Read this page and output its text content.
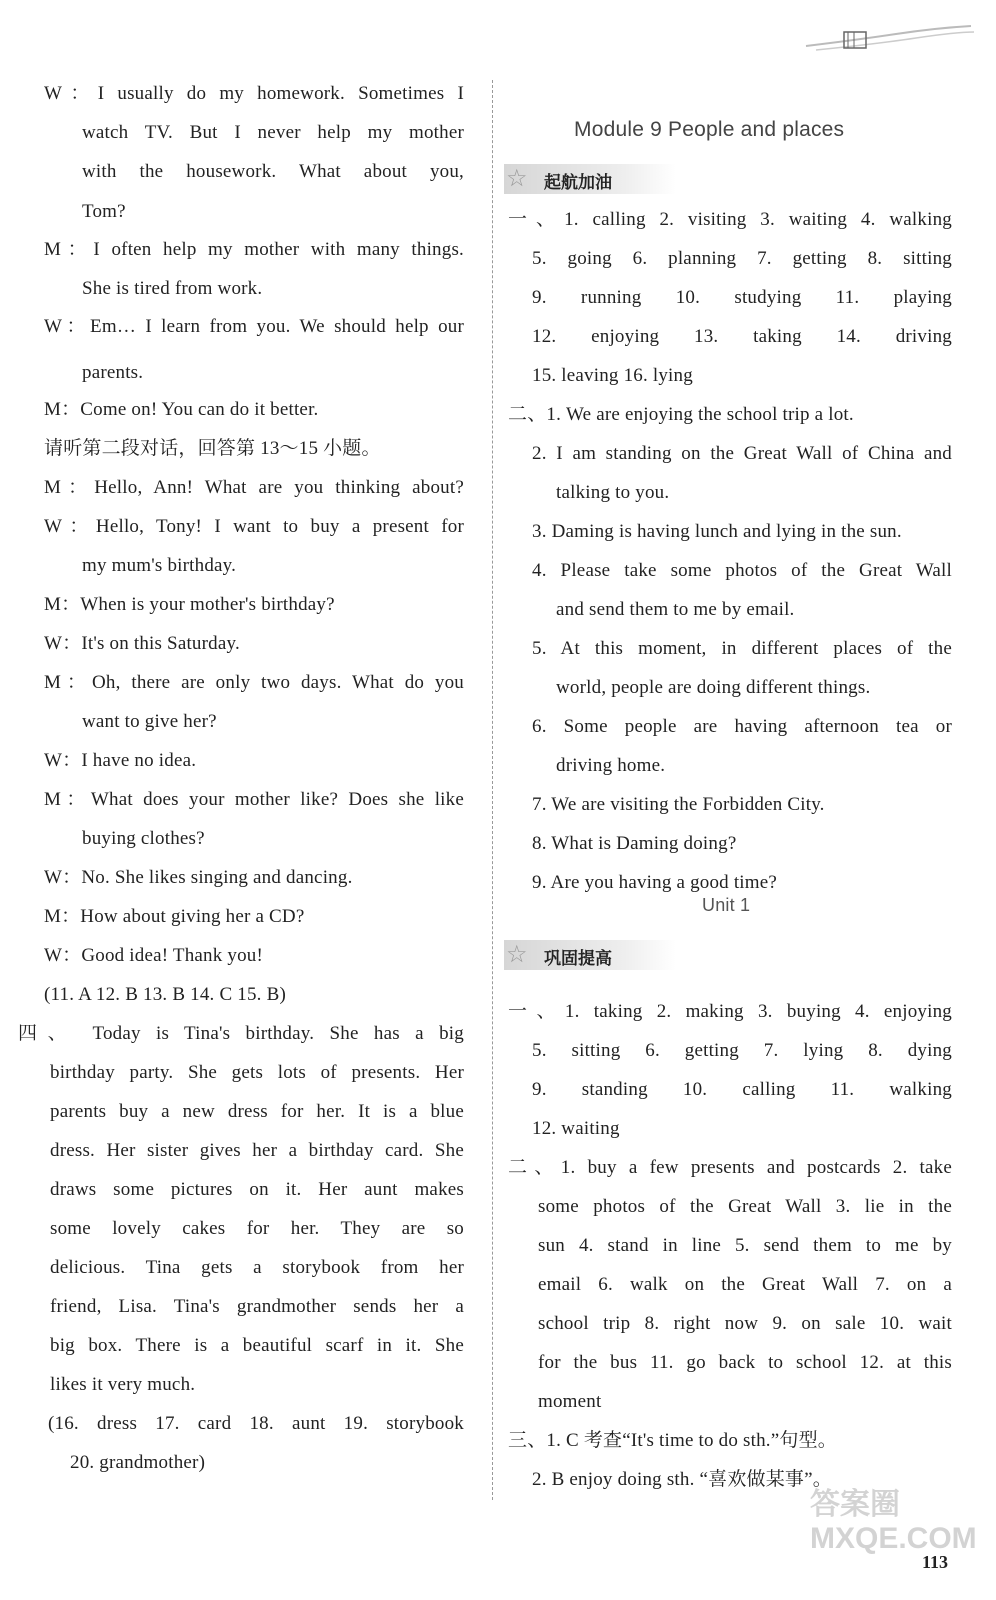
W：I usually do my homework. Sometimes I
watch TV. But I never help my mother
with the housework. What about you,
Tom?
M：I often help my mother with many things.
She is tired from work.
W：Em… I learn from you. We should help our
parents.
M：Come on! You can do it better.
请听第二段对话，回答第 13～15 小题。
M：Hello, Ann! What are you thinking about?
W：Hello, Tony! I want to buy a present for
my mum's birthday.
M：When is your mother's birthday?
W：It's on this Saturday.
M：Oh, there are only two days. What do you
want to give her?
W：I have no idea.
M：What does your mother like? Does she like
buying clothes?
W：No. She likes singing and dancing.
M：How about giving her a CD?
W：Good idea! Thank you!
(11. A 12. B 13. B 14. C 15. B)
四、 Today is Tina's birthday. She has a big
birthday party. She gets lots of presents. Her
parents buy a new dress for her. It is a blue
dress. Her sister gives her a birthday card. She
draws some pictures on it. Her aunt makes
some lovely cakes for her. They are so
delicious. Tina gets a storybook from her
friend, Lisa. Tina's grandmother sends her a
big box. There is a beautiful scarf in it. She
likes it very much.
(16. dress 17. card 18. aunt 19. storybook
20. grandmother)
Module 9 People and places
☆ 起航加油
Unit 1
☆ 巩固提高
一、1. calling 2. visiting 3. waiting 4. walking
5. going 6. planning 7. getting 8. sitting
9. running 10. studying 11. playing
12. enjoying 13. taking 14. driving
15. leaving 16. lying
二、1. We are enjoying the school trip a lot.
2. I am standing on the Great Wall of China and
talking to you.
3. Daming is having lunch and lying in the sun.
4. Please take some photos of the Great Wall
and send them to me by email.
5. At this moment, in different places of the
world, people are doing different things.
6. Some people are having afternoon tea or
driving home.
7. We are visiting the Forbidden City.
8. What is Daming doing?
9. Are you having a good time?
一、1. taking 2. making 3. buying 4. enjoying
5. sitting 6. getting 7. lying 8. dying
9. standing 10. calling 11. walking
12. waiting
二、1. buy a few presents and postcards 2. take
some photos of the Great Wall 3. lie in the
sun 4. stand in line 5. send them to me by
email 6. walk on the Great Wall 7. on a
school trip 8. right now 9. on sale 10. wait
for the bus 11. go back to school 12. at this
moment
三、1. C 考查“It's time to do sth.”句型。
2. B enjoy doing sth. “喜欢做某事”。
113
答案圈
MXQE.COM
